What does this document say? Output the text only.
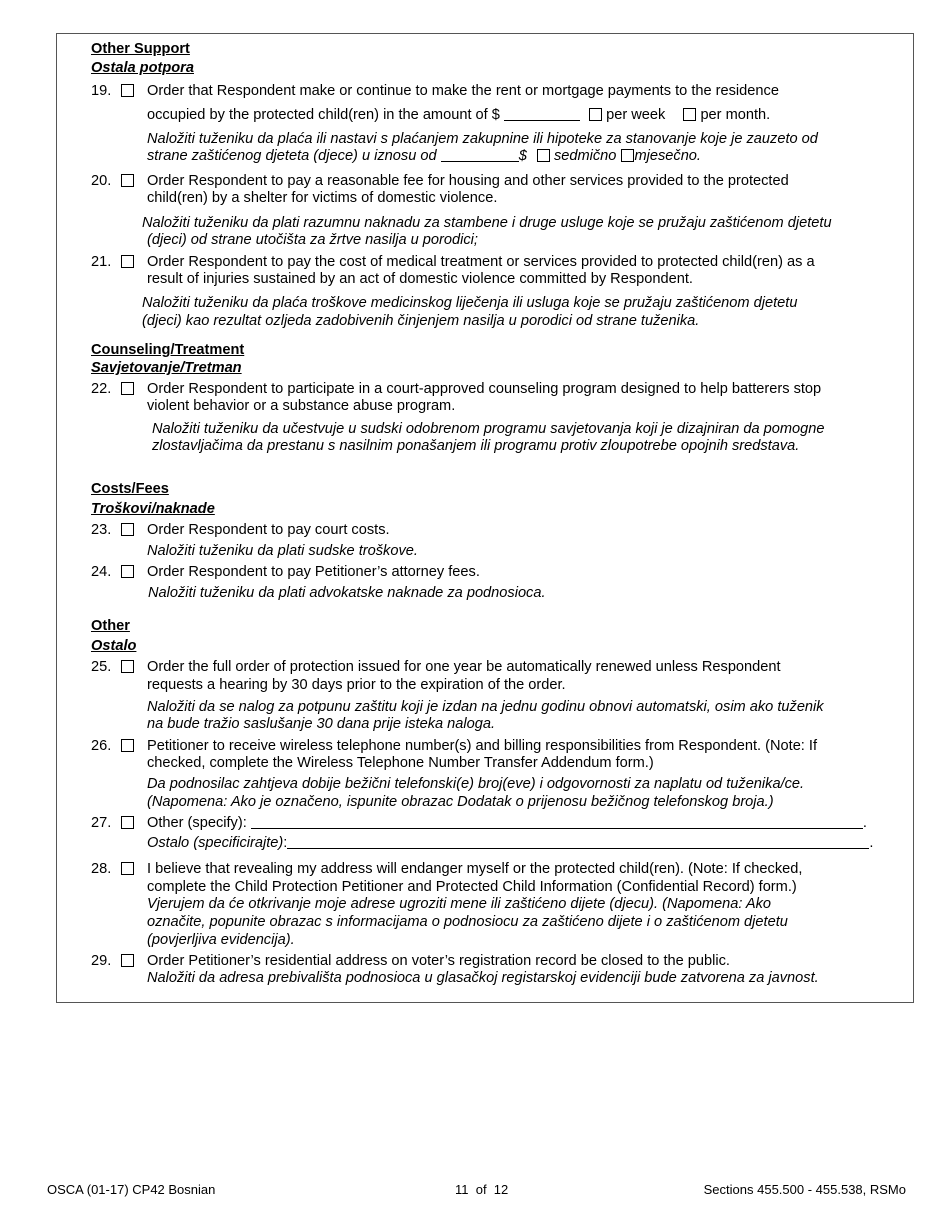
Other Support
Ostala potpora
19. Order that Respondent make or continue to make the rent or mortgage payments to the residence
occupied by the protected child(ren) in the amount of $	per week per month.
Naložiti tuženiku da plaća ili nastavi s plaćanjem zakupnine ili hipoteke za stanovanje koje je zauzeto od
strane zaštićenog djeteta (djece) u iznosu od	$ sedmično mjesečno.
20. Order Respondent to pay a reasonable fee for housing and other services provided to the protected
child(ren) by a shelter for victims of domestic violence.
Naložiti tuženiku da plati razumnu naknadu za stambene i druge usluge koje se pružaju zaštićenom djetetu
(djeci) od strane utočišta za žrtve nasilja u porodici;
21. Order Respondent to pay the cost of medical treatment or services provided to protected child(ren) as a
result of injuries sustained by an act of domestic violence committed by Respondent.
Naložiti tuženiku da plaća troškove medicinskog liječenja ili usluga koje se pružaju zaštićenom djetetu
(djeci) kao rezultat ozljeda zadobivenih činjenjem nasilja u porodici od strane tuženika.
Counseling/Treatment
Savjetovanje/Tretman
22. Order Respondent to participate in a court-approved counseling program designed to help batterers stop
violent behavior or a substance abuse program.
Naložiti tuženiku da učestvuje u sudski odobrenom programu savjetovanja koji je dizajniran da pomogne
zlostavljačima da prestanu s nasilnim ponašanjem ili programu protiv zloupotrebe opojnih sredstava.
Costs/Fees
Troškovi/naknade
23. Order Respondent to pay court costs.
Naložiti tuženiku da plati sudske troškove.
24. Order Respondent to pay Petitioner’s attorney fees.
Naložiti tuženiku da plati advokatske naknade za podnosioca.
Other
Ostalo
25. Order the full order of protection issued for one year be automatically renewed unless Respondent
requests a hearing by 30 days prior to the expiration of the order.
Naložiti da se nalog za potpunu zaštitu koji je izdan na jednu godinu obnovi automatski, osim ako tuženik
na bude tražio saslušanje 30 dana prije isteka naloga.
26. Petitioner to receive wireless telephone number(s) and billing responsibilities from Respondent. (Note: If
checked, complete the Wireless Telephone Number Transfer Addendum form.)
Da podnosilac zahtjeva dobije bežični telefonski(e) broj(eve) i odgovornosti za naplatu od tuženika/ce.
(Napomena: Ako je označeno, ispunite obrazac Dodatak o prijenosu bežičnog telefonskog broja.)
27. Other (specify):	.
Ostalo (specificirajte):	.
28. I believe that revealing my address will endanger myself or the protected child(ren). (Note: If checked,
complete the Child Protection Petitioner and Protected Child Information (Confidential Record) form.)
Vjerujem da će otkrivanje moje adrese ugroziti mene ili zaštićeno dijete (djecu). (Napomena: Ako
označite, popunite obrazac s informacijama o podnosiocu za zaštićeno dijete i o zaštićenom djetetu
(povjerljiva evidencija).
29. Order Petitioner’s residential address on voter’s registration record be closed to the public.
Naložiti da adresa prebivališta podnosioca u glasačkoj registarskoj evidenciji bude zatvorena za javnost.
OSCA (01-17) CP42 Bosnian	11  of  12	Sections 455.500 - 455.538, RSMo
